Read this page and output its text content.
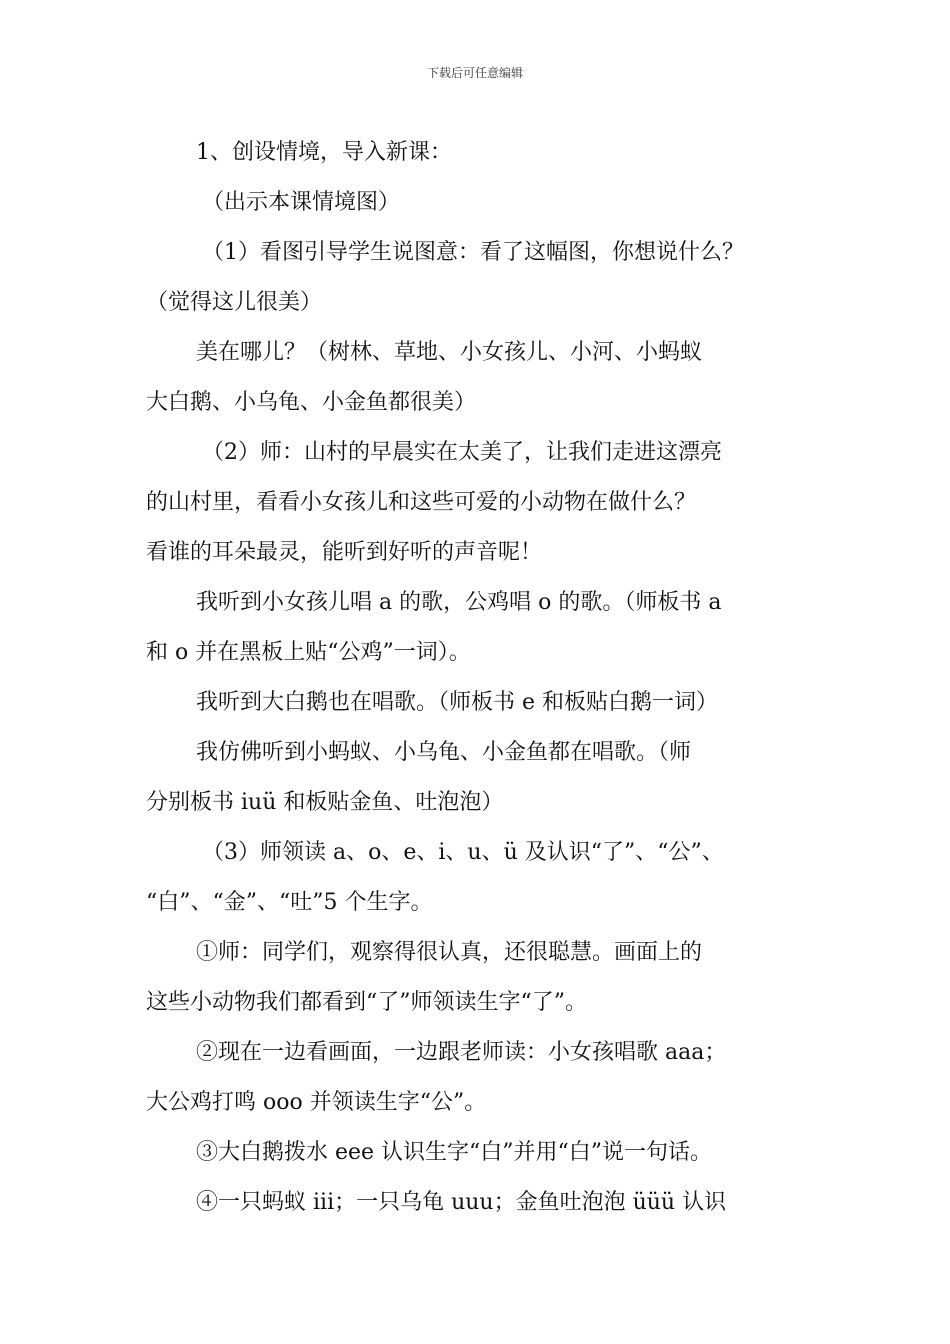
下载后可任意编辑
1、创设情境，导入新课：
（出示本课情境图）
（1）看图引导学生说图意：看了这幅图，你想说什么？
（觉得这儿很美）
美在哪儿？（树林、草地、小女孩儿、小河、小蚂蚁
大白鹅、小乌龟、小金鱼都很美）
（2）师：山村的早晨实在太美了，让我们走进这漂亮
的山村里，看看小女孩儿和这些可爱的小动物在做什么？
看谁的耳朵最灵，能听到好听的声音呢！
我听到小女孩儿唱 a 的歌，公鸡唱 o 的歌。（师板书 a
和 o 并在黑板上贴“公鸡”一词）。
我听到大白鹅也在唱歌。（师板书 e 和板贴白鹅一词）
我仿佛听到小蚂蚁、小乌龟、小金鱼都在唱歌。（师
分别板书 iuü 和板贴金鱼、吐泡泡）
（3）师领读 a、o、e、i、u、ü 及认识“了”、“公”、
“白”、“金”、“吐”5 个生字。
①师：同学们，观察得很认真，还很聪慧。画面上的
这些小动物我们都看到“了”师领读生字“了”。
②现在一边看画面，一边跟老师读：小女孩唱歌 aaa；
大公鸡打鸣 ooo 并领读生字“公”。
③大白鹅拨水 eee 认识生字“白”并用“白”说一句话。
④一只蚂蚁 iii；一只乌龟 uuu；金鱼吐泡泡 üüü 认识
